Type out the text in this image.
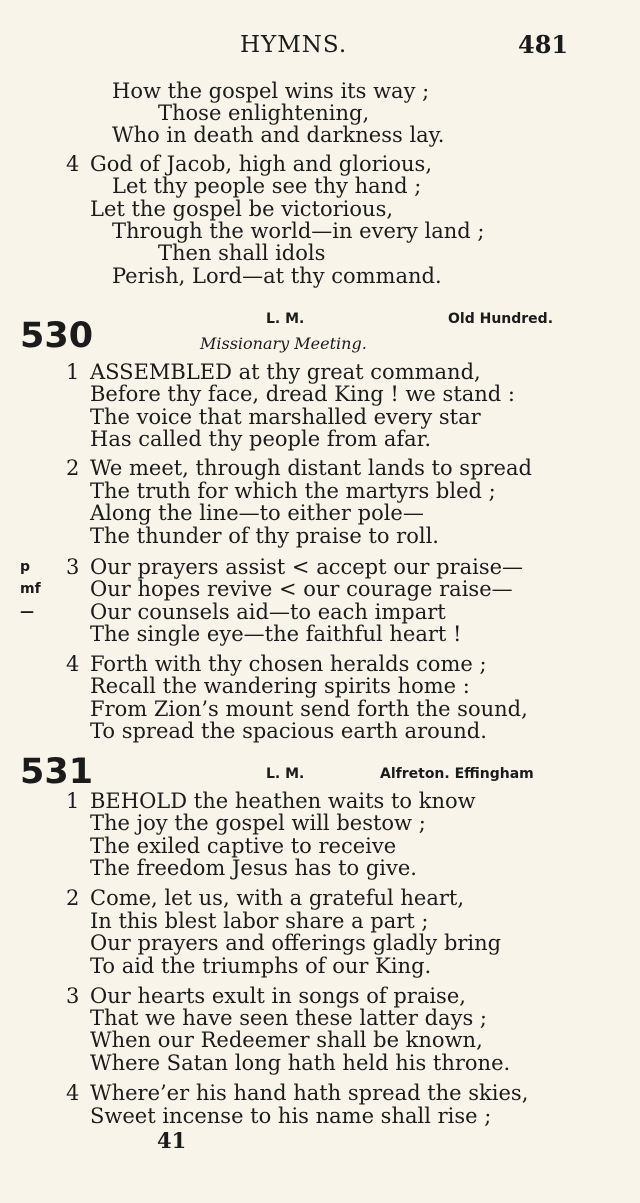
HYMNS.	481
How the gospel wins its way ;
Those enlightening,
Who in death and darkness lay.
4 God of Jacob, high and glorious,
Let thy people see thy hand ;
Let the gospel be victorious,
Through the world—in every land ;
Then shall idols
Perish, Lord—at thy command.
530	L. M.	Old Hundred.
Missionary Meeting.
1 ASSEMBLED at thy great command,
Before thy face, dread King ! we stand :
The voice that marshalled every star
Has called thy people from afar.
2 We meet, through distant lands to spread
The truth for which the martyrs bled ;
Along the line—to either pole—
The thunder of thy praise to roll.
p
mf
—
3 Our prayers assist < accept our praise—
Our hopes revive < our courage raise—
Our counsels aid—to each impart
The single eye—the faithful heart !
4 Forth with thy chosen heralds come ;
Recall the wandering spirits home :
From Zion’s mount send forth the sound,
To spread the spacious earth around.
531	L. M.	Alfreton. Effingham
1 BEHOLD the heathen waits to know
The joy the gospel will bestow ;
The exiled captive to receive
The freedom Jesus has to give.
2 Come, let us, with a grateful heart,
In this blest labor share a part ;
Our prayers and offerings gladly bring
To aid the triumphs of our King.
3 Our hearts exult in songs of praise,
That we have seen these latter days ;
When our Redeemer shall be known,
Where Satan long hath held his throne.
4 Where’er his hand hath spread the skies,
Sweet incense to his name shall rise ;
41
